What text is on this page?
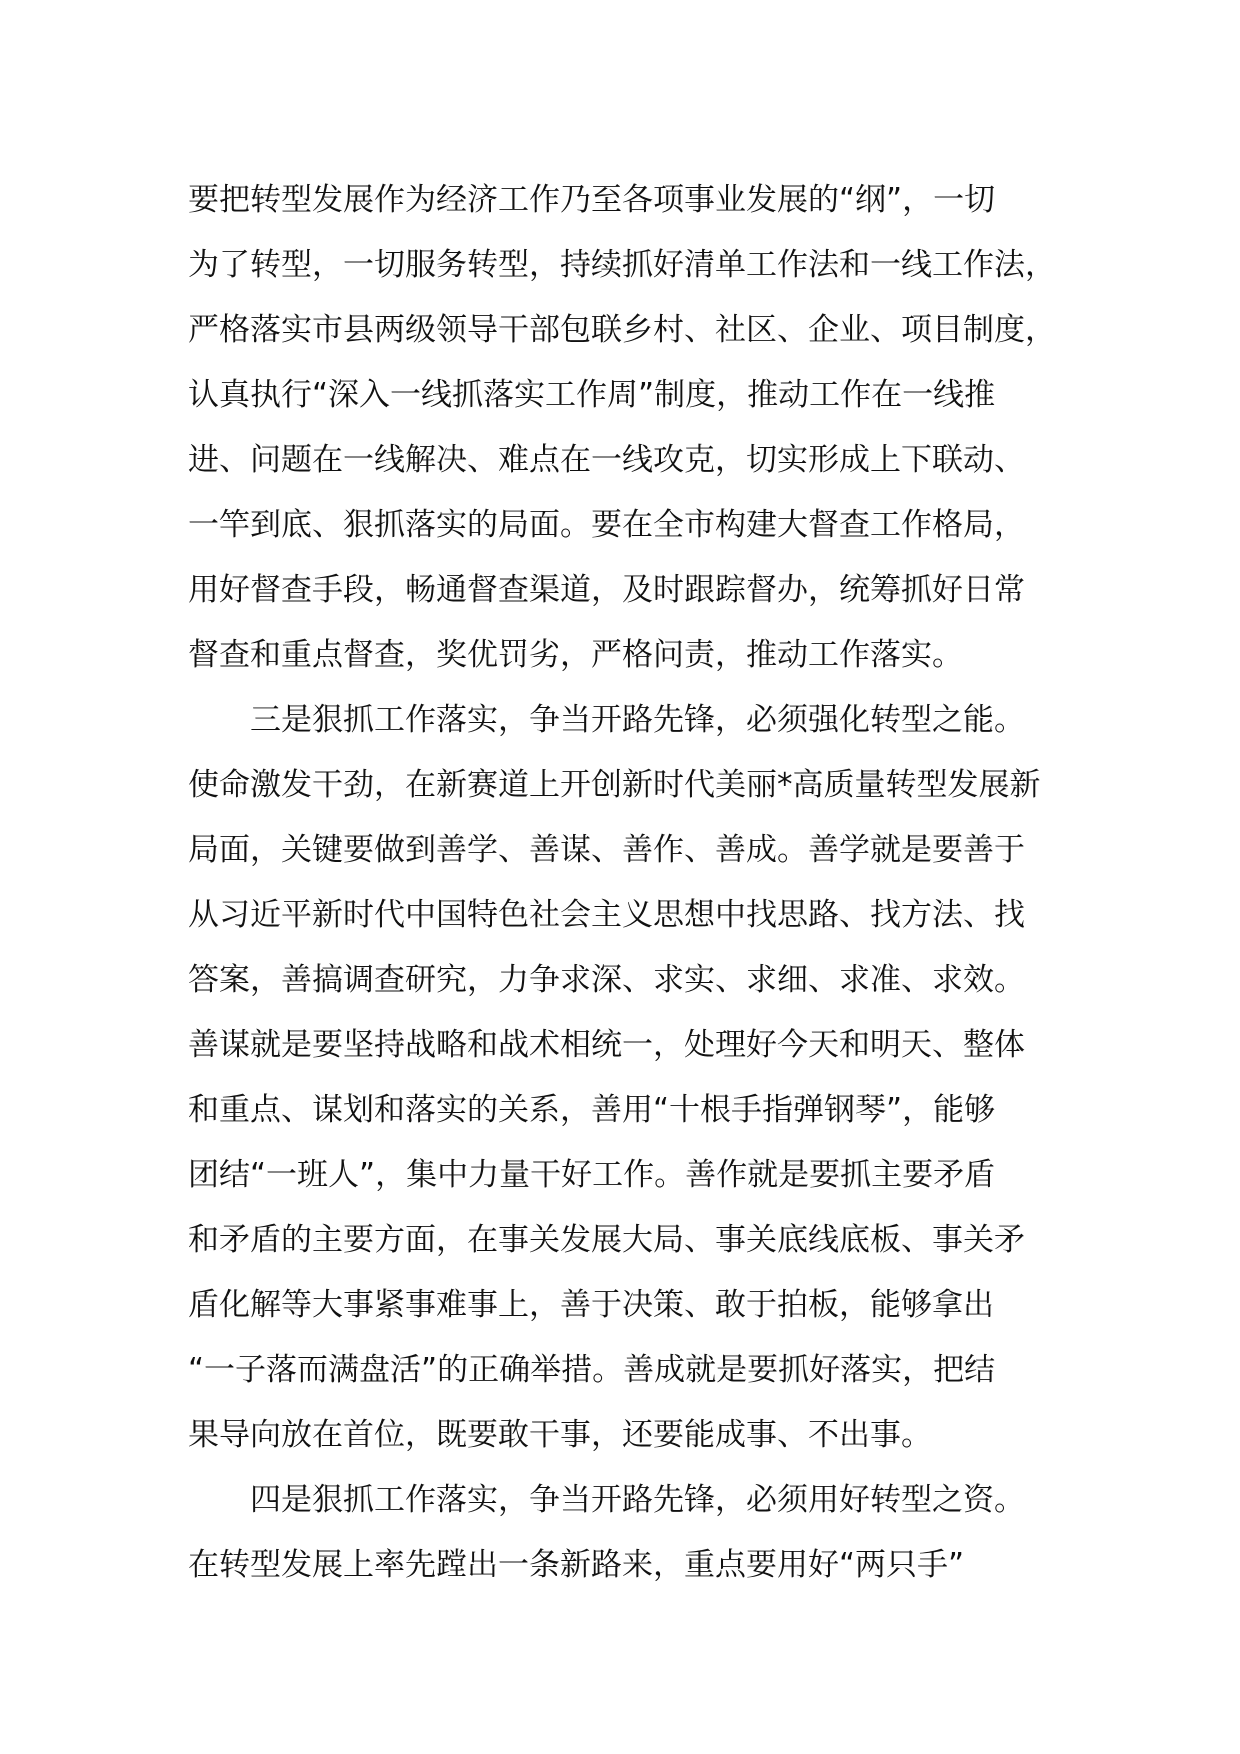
要把转型发展作为经济工作乃至各项事业发展的“纲”，一切
为了转型，一切服务转型，持续抓好清单工作法和一线工作法，
严格落实市县两级领导干部包联乡村、社区、企业、项目制度，
认真执行“深入一线抓落实工作周”制度，推动工作在一线推
进、问题在一线解决、难点在一线攻克，切实形成上下联动、
一竿到底、狠抓落实的局面。要在全市构建大督查工作格局，
用好督查手段，畅通督查渠道，及时跟踪督办，统筹抓好日常
督查和重点督查，奖优罚劣，严格问责，推动工作落实。
　　三是狠抓工作落实，争当开路先锋，必须强化转型之能。
使命激发干劲，在新赛道上开创新时代美丽*高质量转型发展新
局面，关键要做到善学、善谋、善作、善成。善学就是要善于
从习近平新时代中国特色社会主义思想中找思路、找方法、找
答案，善搞调查研究，力争求深、求实、求细、求准、求效。
善谋就是要坚持战略和战术相统一，处理好今天和明天、整体
和重点、谋划和落实的关系，善用“十根手指弹钢琴”，能够
团结“一班人”，集中力量干好工作。善作就是要抓主要矛盾
和矛盾的主要方面，在事关发展大局、事关底线底板、事关矛
盾化解等大事紧事难事上，善于决策、敢于拍板，能够拿出
“一子落而满盘活”的正确举措。善成就是要抓好落实，把结
果导向放在首位，既要敢干事，还要能成事、不出事。
　　四是狠抓工作落实，争当开路先锋，必须用好转型之资。
在转型发展上率先蹚出一条新路来，重点要用好“两只手”
